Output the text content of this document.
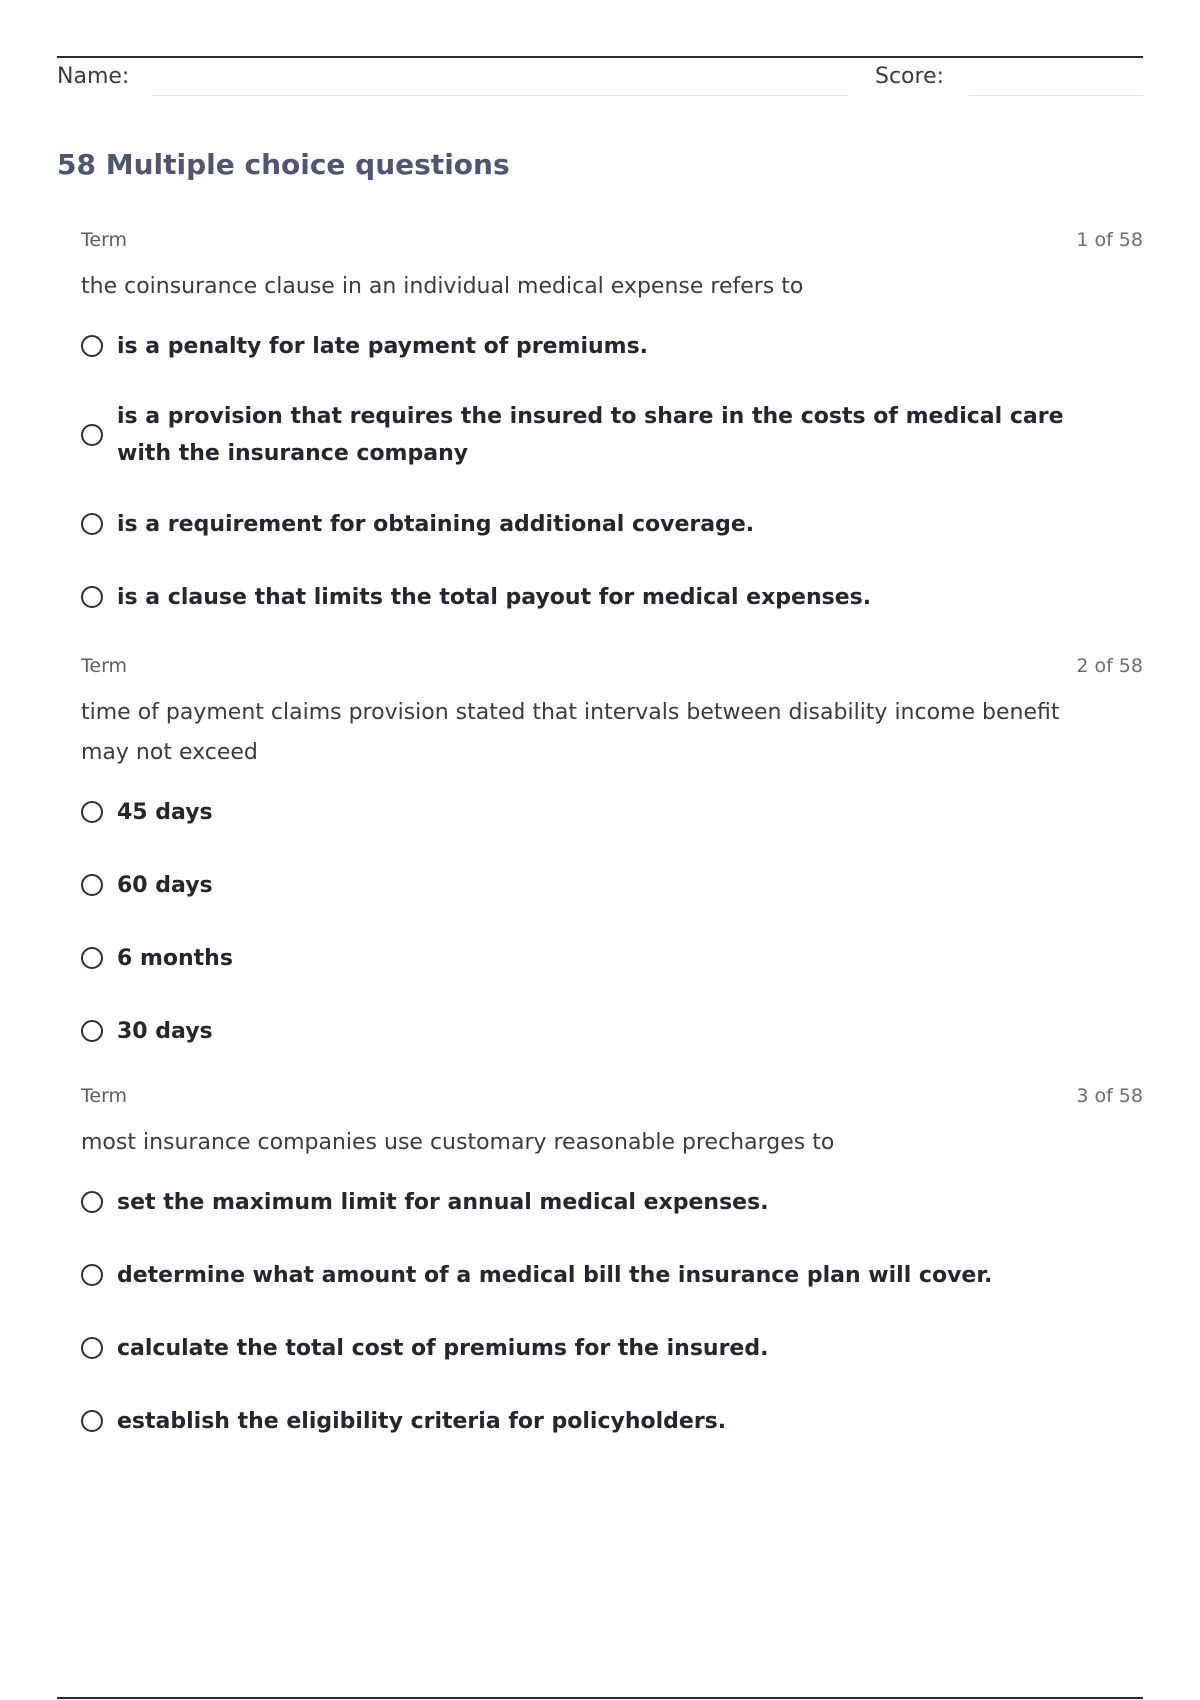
Name:	Score:
58 Multiple choice questions
Term	1 of 58
the coinsurance clause in an individual medical expense refers to
is a penalty for late payment of premiums.
is a provision that requires the insured to share in the costs of medical care with the insurance company
is a requirement for obtaining additional coverage.
is a clause that limits the total payout for medical expenses.
Term	2 of 58
time of payment claims provision stated that intervals between disability income benefit may not exceed
45 days
60 days
6 months
30 days
Term	3 of 58
most insurance companies use customary reasonable precharges to
set the maximum limit for annual medical expenses.
determine what amount of a medical bill the insurance plan will cover.
calculate the total cost of premiums for the insured.
establish the eligibility criteria for policyholders.
